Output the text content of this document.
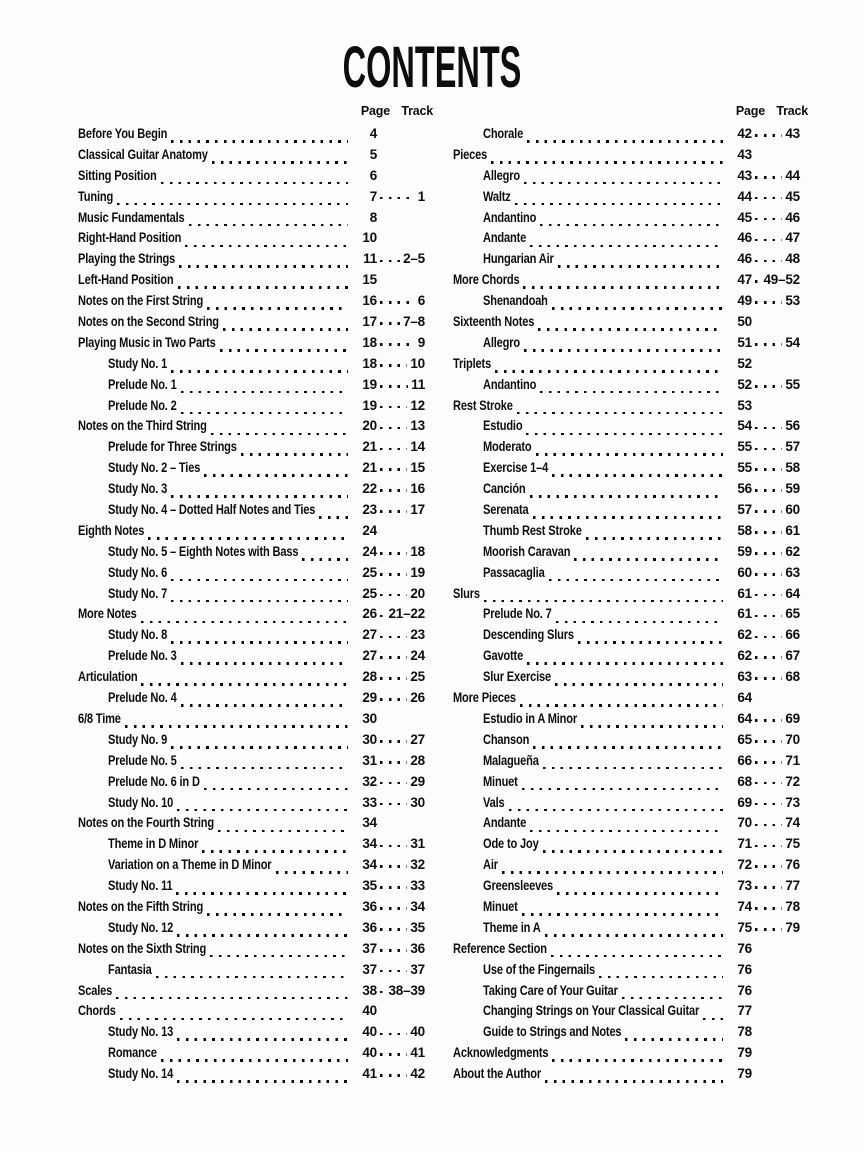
CONTENTS
Page Track
Before You Begin	4
Classical Guitar Anatomy	5
Sitting Position	6
Tuning	7	1
Music Fundamentals	8
Right-Hand Position	10
Playing the Strings	11 2–5
Left-Hand Position	15
Notes on the First String	16	6
Notes on the Second String	17 7–8
Playing Music in Two Parts	18	9
Study No. 1	18 10
Prelude No. 1	19	11
Prelude No. 2	19 12
Notes on the Third String	20 13
Prelude for Three Strings	21 14
Study No. 2 – Ties	21 15
Study No. 3	22 16
Study No. 4 – Dotted Half Notes and Ties	23 17
Eighth Notes	24
Study No. 5 – Eighth Notes with Bass	24 18
Study No. 6	25 19
Study No. 7	25 20
More Notes	26 21–22
Study No. 8	27 23
Prelude No. 3	27 24
Articulation	28 25
Prelude No. 4	29 26
6/8 Time	30
Study No. 9	30 27
Prelude No. 5	31 28
Prelude No. 6 in D	32 29
Study No. 10	33 30
Notes on the Fourth String	34
Theme in D Minor	34 31
Variation on a Theme in D Minor	34 32
Study No. 11	35 33
Notes on the Fifth String	36 34
Study No. 12	36 35
Notes on the Sixth String	37 36
Fantasia	37 37
Scales	38 38–39
Chords	40
Study No. 13	40 40
Romance	40 41
Study No. 14	41 42
Page Track
Chorale	42 43
Pieces	43
Allegro	43 44
Waltz	44 45
Andantino	45 46
Andante	46 47
Hungarian Air	46 48
More Chords	47 49–52
Shenandoah	49 53
Sixteenth Notes	50
Allegro	51 54
Triplets	52
Andantino	52 55
Rest Stroke	53
Estudio	54 56
Moderato	55 57
Exercise 1–4	55 58
Canción	56 59
Serenata	57 60
Thumb Rest Stroke	58 61
Moorish Caravan	59 62
Passacaglia	60 63
Slurs	61 64
Prelude No. 7	61 65
Descending Slurs	62 66
Gavotte	62 67
Slur Exercise	63 68
More Pieces	64
Estudio in A Minor	64 69
Chanson	65 70
Malagueña	66 71
Minuet	68 72
Vals	69 73
Andante	70 74
Ode to Joy	71 75
Air	72 76
Greensleeves	73 77
Minuet	74 78
Theme in A	75 79
Reference Section	76
Use of the Fingernails	76
Taking Care of Your Guitar	76
Changing Strings on Your Classical Guitar	77
Guide to Strings and Notes	78
Acknowledgments	79
About the Author	79
